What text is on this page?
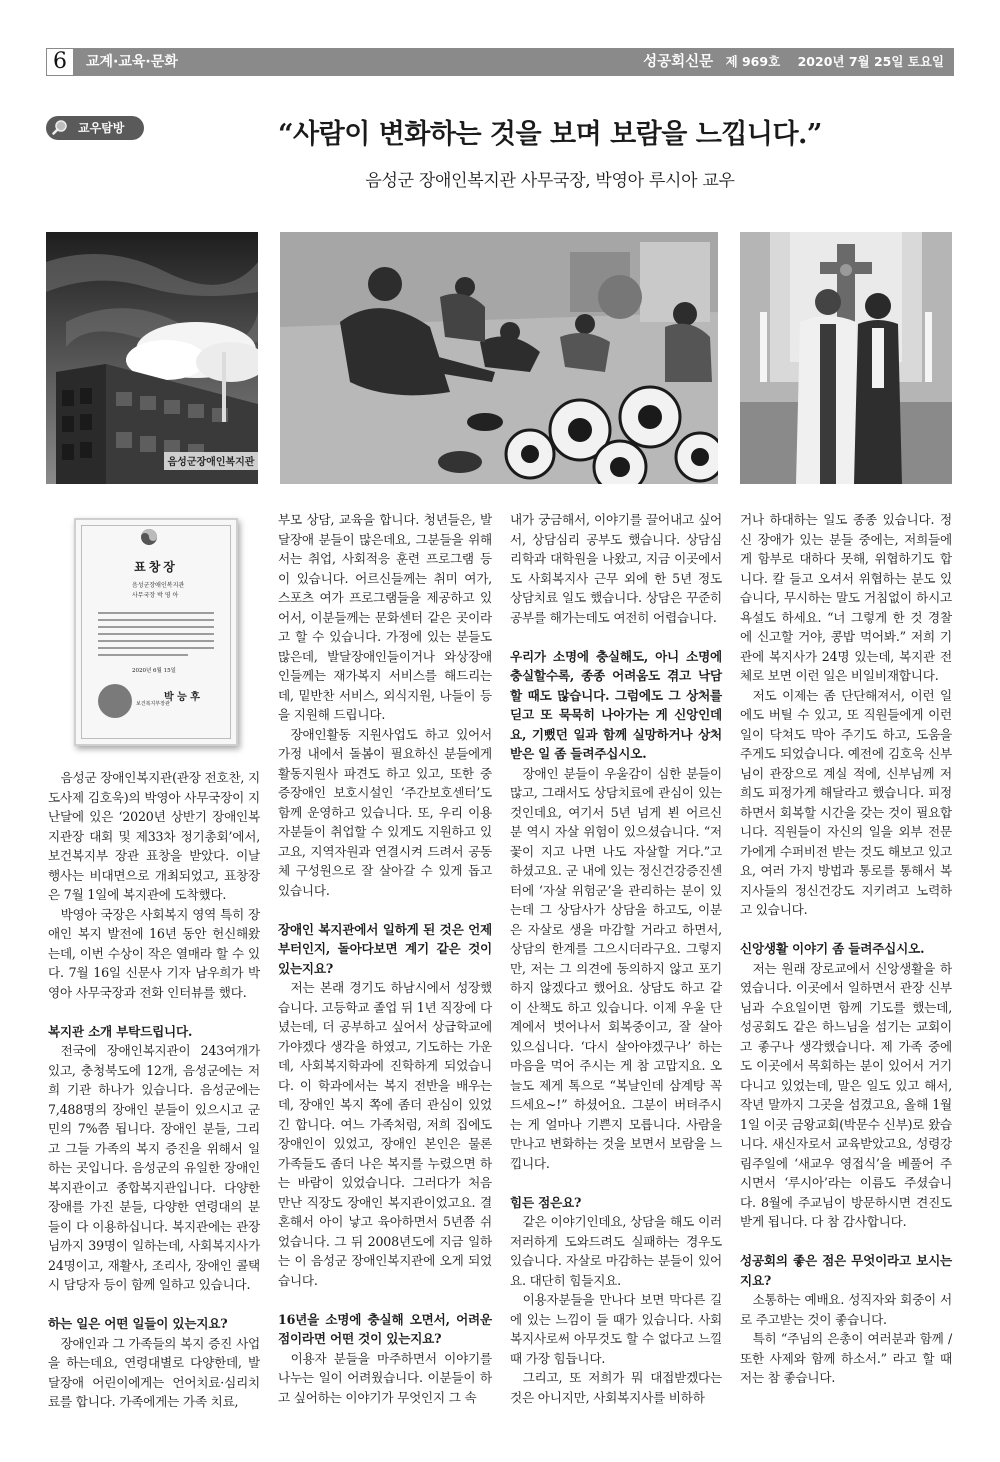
6	교계·교육·문화	성공회신문 제 969호 2020년 7월 25일 토요일
교우탐방	“사람이 변화하는 것을 보며 보람을 느낍니다.”
음성군 장애인복지관 사무국장, 박영아 루시아 교우
음성군장애인복지관
표창장
음성군장애인복지관
사무국장 박 영 아
2020년 6월 15일
보건복지부장관
박 능 후

음성군 장애인복지관(관장 전호찬, 지도사제 김호욱)의 박영아 사무국장이 지난달에 있은 ‘2020년 상반기 장애인복지관장 대회 및 제33차 정기총회’에서, 보건복지부 장관 표창을 받았다. 이날 행사는 비대면으로 개최되었고, 표창장은 7월 1일에 복지관에 도착했다.

박영아 국장은 사회복지 영역 특히 장애인 복지 발전에 16년 동안 헌신해왔는데, 이번 수상이 작은 열매라 할 수 있다. 7월 16일 신문사 기자 남우희가 박영아 사무국장과 전화 인터뷰를 했다.

복지관 소개 부탁드립니다.

전국에 장애인복지관이 243여개가 있고, 충청북도에 12개, 음성군에는 저희 기관 하나가 있습니다. 음성군에는 7,488명의 장애인 분들이 있으시고 군민의 7%쯤 됩니다. 장애인 분들, 그리고 그들 가족의 복지 증진을 위해서 일하는 곳입니다. 음성군의 유일한 장애인복지관이고 종합복지관입니다. 다양한 장애를 가진 분들, 다양한 연령대의 분들이 다 이용하십니다. 복지관에는 관장님까지 39명이 일하는데, 사회복지사가 24명이고, 재활사, 조리사, 장애인 콜택시 담당자 등이 함께 일하고 있습니다.

하는 일은 어떤 일들이 있는지요?

장애인과 그 가족들의 복지 증진 사업을 하는데요, 연령대별로 다양한데, 발달장애 어린이에게는 언어치료·심리치료를 합니다. 가족에게는 가족 치료,

부모 상담, 교육을 합니다. 청년들은, 발달장애 분들이 많은데요, 그분들을 위해서는 취업, 사회적응 훈련 프로그램 등이 있습니다. 어르신들께는 취미 여가, 스포츠 여가 프로그램들을 제공하고 있어서, 이분들께는 문화센터 같은 곳이라고 할 수 있습니다. 가정에 있는 분들도 많은데, 발달장애인들이거나 와상장애인들께는 재가복지 서비스를 해드리는데, 밑반찬 서비스, 외식지원, 나들이 등을 지원해 드립니다.

장애인활동 지원사업도 하고 있어서 가정 내에서 돌봄이 필요하신 분들에게 활동지원사 파견도 하고 있고, 또한 중증장애인 보호시설인 ‘주간보호센터’도 함께 운영하고 있습니다. 또, 우리 이용자분들이 취업할 수 있게도 지원하고 있고요, 지역자원과 연결시켜 드려서 공동체 구성원으로 잘 살아갈 수 있게 돕고 있습니다.

장애인 복지관에서 일하게 된 것은 언제부터인지, 돌아다보면 계기 같은 것이 있는지요?

저는 본래 경기도 하남시에서 성장했습니다. 고등학교 졸업 뒤 1년 직장에 다녔는데, 더 공부하고 싶어서 상급학교에 가야겠다 생각을 하였고, 기도하는 가운데, 사회복지학과에 진학하게 되었습니다. 이 학과에서는 복지 전반을 배우는데, 장애인 복지 쪽에 좀더 관심이 있었긴 합니다. 여느 가족처럼, 저희 집에도 장애인이 있었고, 장애인 본인은 물론 가족들도 좀더 나은 복지를 누렸으면 하는 바람이 있었습니다. 그러다가 처음 만난 직장도 장애인 복지관이었고요. 결혼해서 아이 낳고 육아하면서 5년쯤 쉬었습니다. 그 뒤 2008년도에 지금 일하는 이 음성군 장애인복지관에 오게 되었습니다.

16년을 소명에 충실해 오면서, 어려운 점이라면 어떤 것이 있는지요?

이용자 분들을 마주하면서 이야기를 나누는 일이 어려웠습니다. 이분들이 하고 싶어하는 이야기가 무엇인지 그 속

내가 궁금해서, 이야기를 끌어내고 싶어서, 상담심리 공부도 했습니다. 상담심리학과 대학원을 나왔고, 지금 이곳에서도 사회복지사 근무 외에 한 5년 정도 상담치료 일도 했습니다. 상담은 꾸준히 공부를 해가는데도 여전히 어렵습니다.

우리가 소명에 충실해도, 아니 소명에 충실할수록, 종종 어려움도 겪고 낙담할 때도 많습니다. 그럼에도 그 상처를 딛고 또 묵묵히 나아가는 게 신앙인데요, 기뻤던 일과 함께 실망하거나 상처받은 일 좀 들려주십시오.

장애인 분들이 우울감이 심한 분들이 많고, 그래서도 상담치료에 관심이 있는 것인데요, 여기서 5년 넘게 뵌 어르신 분 역시 자살 위험이 있으셨습니다. “저 꽃이 지고 나면 나도 자살할 거다.”고 하셨고요. 군 내에 있는 정신건강증진센터에 ‘자살 위험군’을 관리하는 분이 있는데 그 상담사가 상담을 하고도, 이분은 자살로 생을 마감할 거라고 하면서, 상담의 한계를 그으시더라구요. 그렇지만, 저는 그 의견에 동의하지 않고 포기하지 않겠다고 했어요. 상담도 하고 같이 산책도 하고 있습니다. 이제 우울 단계에서 벗어나서 회복중이고, 잘 살아 있으십니다. ‘다시 살아야겠구나’ 하는 마음을 먹어 주시는 게 참 고맙지요. 오늘도 제게 톡으로 “복날인데 삼계탕 꼭 드세요~!” 하셨어요. 그분이 버텨주시는 게 얼마나 기쁜지 모릅니다. 사람을 만나고 변화하는 것을 보면서 보람을 느낍니다.

힘든 점은요?

같은 이야기인데요, 상담을 해도 이러저러하게 도와드려도 실패하는 경우도 있습니다. 자살로 마감하는 분들이 있어요. 대단히 힘들지요.

이용자분들을 만나다 보면 막다른 길에 있는 느낌이 들 때가 있습니다. 사회복지사로써 아무것도 할 수 없다고 느낄 때 가장 힘듭니다.

그리고, 또 저희가 뭐 대접받겠다는 것은 아니지만, 사회복지사를 비하하

거나 하대하는 일도 종종 있습니다. 정신 장애가 있는 분들 중에는, 저희들에게 함부로 대하다 못해, 위협하기도 합니다. 칼 들고 오셔서 위협하는 분도 있습니다, 무시하는 말도 거침없이 하시고 욕설도 하세요. “너 그렇게 한 것 경찰에 신고할 거야, 콩밥 먹어봐.” 저희 기관에 복지사가 24명 있는데, 복지관 전체로 보면 이런 일은 비일비재합니다.

저도 이제는 좀 단단해져서, 이런 일에도 버틸 수 있고, 또 직원들에게 이런 일이 닥쳐도 막아 주기도 하고, 도움을 주게도 되었습니다. 예전에 김호욱 신부님이 관장으로 계실 적에, 신부님께 저희도 피정가게 해달라고 했습니다. 피정하면서 회복할 시간을 갖는 것이 필요합니다. 직원들이 자신의 일을 외부 전문가에게 수퍼비전 받는 것도 해보고 있고요, 여러 가지 방법과 통로를 통해서 복지사들의 정신건강도 지키려고 노력하고 있습니다.

신앙생활 이야기 좀 들려주십시오.

저는 원래 장로교에서 신앙생활을 하였습니다. 이곳에서 일하면서 관장 신부님과 수요일이면 함께 기도를 했는데, 성공회도 같은 하느님을 섬기는 교회이고 좋구나 생각했습니다. 제 가족 중에도 이곳에서 목회하는 분이 있어서 거기 다니고 있었는데, 말은 일도 있고 해서, 작년 말까지 그곳을 섬겼고요, 올해 1월 1일 이곳 금왕교회(박문수 신부)로 왔습니다. 새신자로서 교육받았고요, 성령강림주일에 ‘새교우 영접식’을 베풀어 주시면서 ‘루시아’라는 이름도 주셨습니다. 8월에 주교님이 방문하시면 견진도 받게 됩니다. 다 참 감사합니다.

성공회의 좋은 점은 무엇이라고 보시는지요?

소통하는 예배요. 성직자와 회중이 서로 주고받는 것이 좋습니다.

특히 “주님의 은총이 여러분과 함께 / 또한 사제와 함께 하소서.” 라고 할 때 저는 참 좋습니다.
